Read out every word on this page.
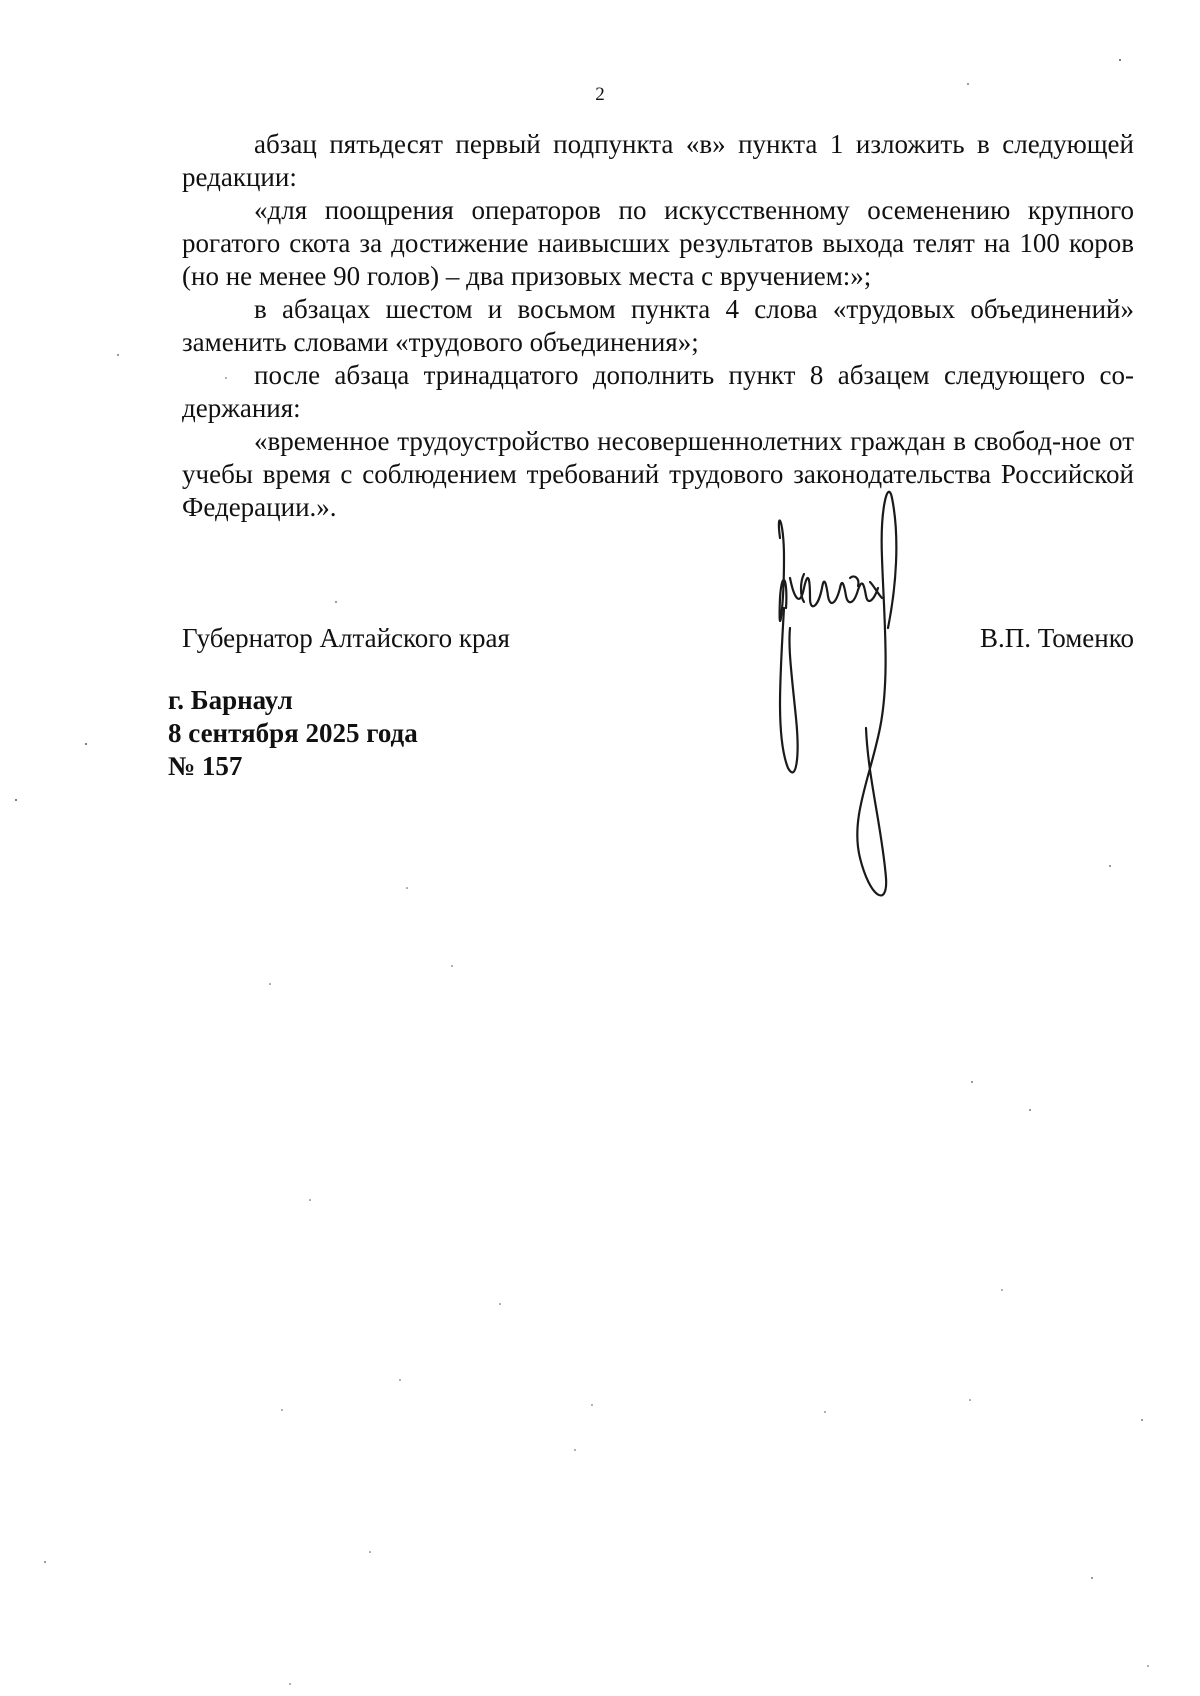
2

абзац пятьдесят первый подпункта «в» пункта 1 изложить в следующей редакции:

«для поощрения операторов по искусственному осеменению крупного рогатого скота за достижение наивысших результатов выхода телят на 100 коров (но не менее 90 голов) – два призовых места с вручением:»;

в абзацах шестом и восьмом пункта 4 слова «трудовых объединений» заменить словами «трудового объединения»;

после абзаца тринадцатого дополнить пункт 8 абзацем следующего со-держания:

«временное трудоустройство несовершеннолетних граждан в свобод-ное от учебы время с соблюдением требований трудового законодательства Российской Федерации.».

Губернатор Алтайского края	В.П. Томенко
г. Барнаул
8 сентября 2025 года
№ 157
